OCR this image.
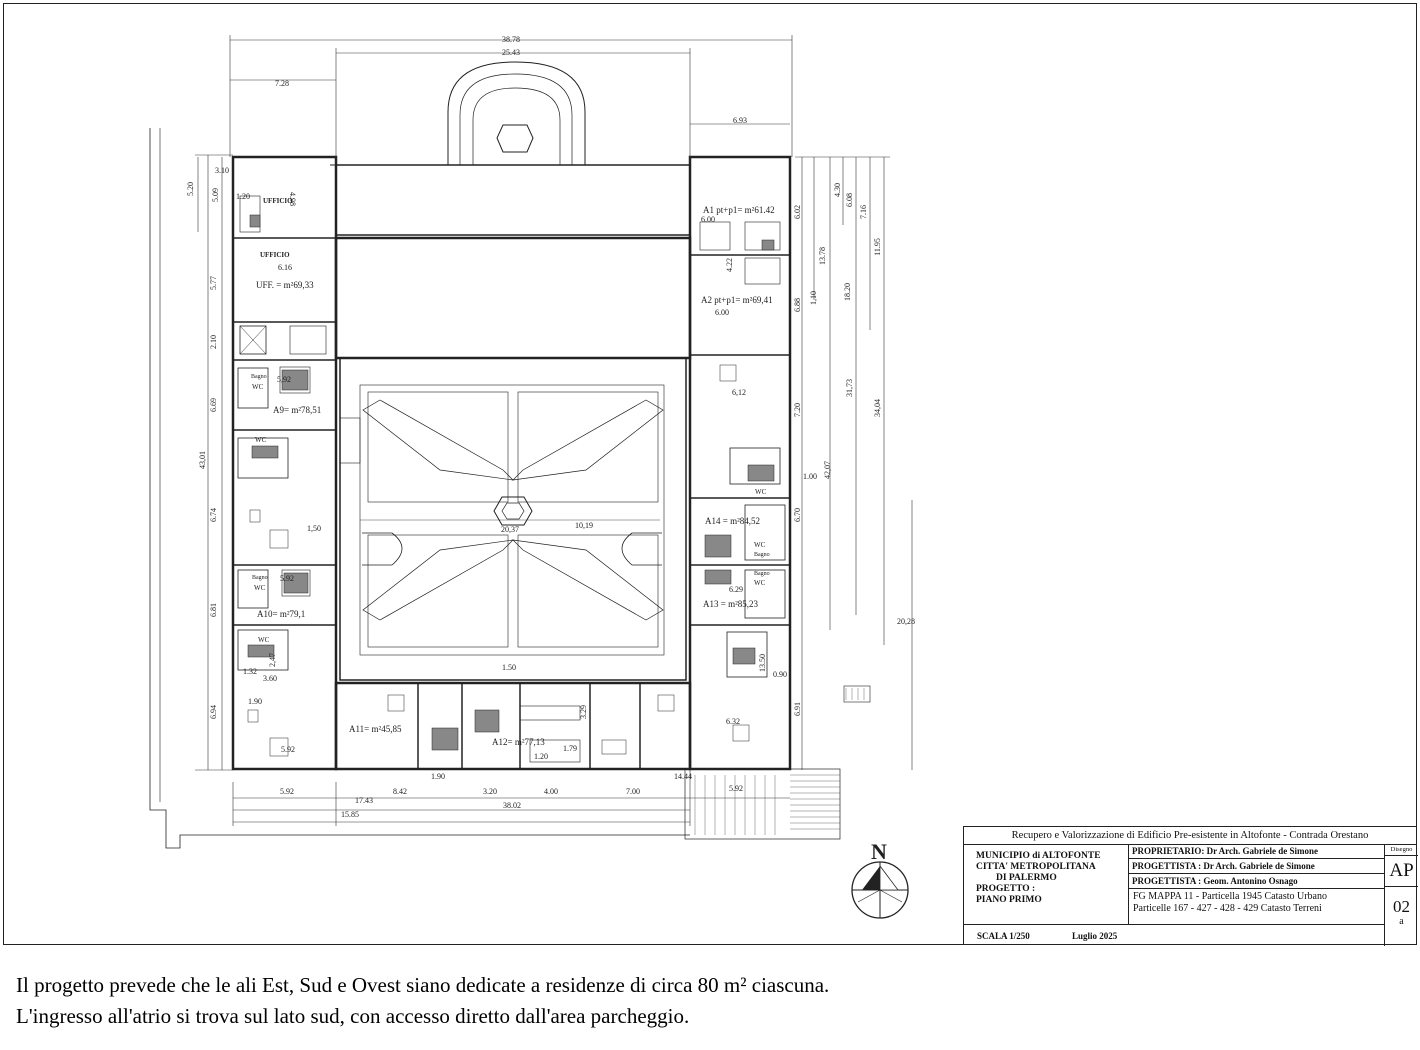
38.78
25.43
7.28
6.93
5.20
3.10
5.09 1.20	4.98
5.77
2.10
6.69
43,01
6.74
6.81
6.94
4.30
6.08
7.16
11.95
6.02
13.78
18.20
6.88 1,10
31,73
34,04
7.20
42,07
1.00
6.70
20,28
13.50
0.90
6.91
5.92	8.42	3.20	4.00	7.00	5.92
17.43
38.02
15.85
1.90	14.44
6.16
6.00
4.22
6.00
5,92
1,50
5.92
2,47
1.32
3.60
1.90
5.92
6,12
6.29
6.32
1.50
1.20
1.79
3.29
20,37	10,19
UFFICIO
UFFICIO
UFF. = m²69,33
A1 pt+p1= m²61.42
A2 pt+p1= m²69,41
A9= m²78,51
A10= m²79,1
A11= m²45,85
A12= m²77,13
A13 = m²85,23
A14 = m²84,52
WC
Bagno
WC
WC
Bagno
WC
WC
WC
Bagno
Bagno
WC
N
Recupero e Valorizzazione di Edificio Pre-esistente in Altofonte - Contrada Orestano
MUNICIPIO di ALTOFONTE
CITTA' METROPOLITANA
DI PALERMO
PROGETTO :
PIANO PRIMO
PROPRIETARIO: Dr Arch. Gabriele de Simone
PROGETTISTA : Dr Arch. Gabriele de Simone
PROGETTISTA : Geom. Antonino Osnago
FG MAPPA 11 - Particella 1945 Catasto Urbano
Particelle 167 - 427 - 428 - 429 Catasto Terreni
Disegno
AP
02
a
SCALA 1/250	Luglio 2025
Il progetto prevede che le ali Est, Sud e Ovest siano dedicate a residenze di circa 80 m² ciascuna.
L'ingresso all'atrio si trova sul lato sud, con accesso diretto dall'area parcheggio.
